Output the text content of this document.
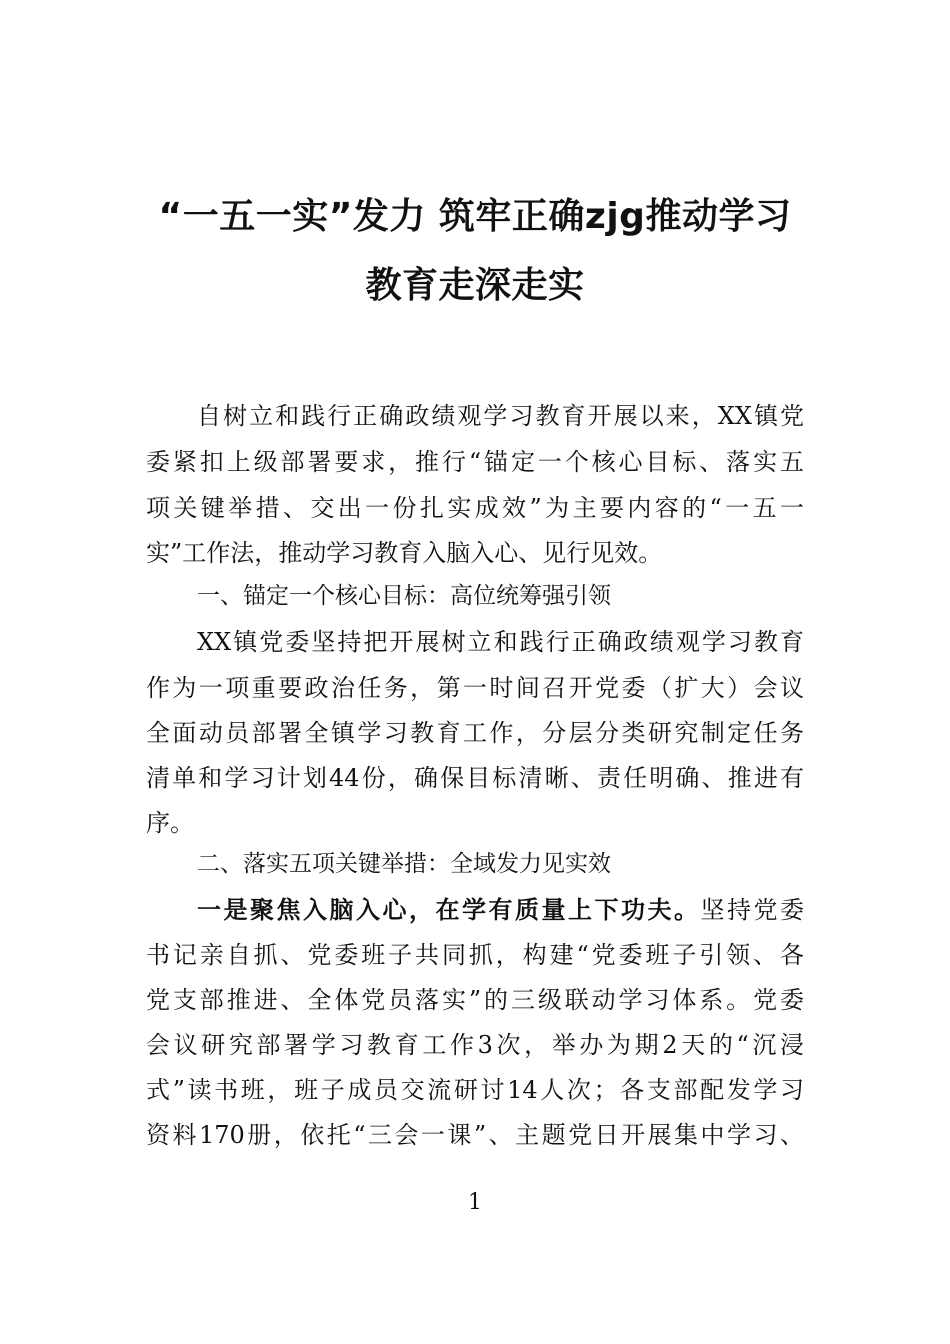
“一五一实”发力 筑牢正确zjg推动学习
教育走深走实
自树立和践行正确政绩观学习教育开展以来，XX镇党
委紧扣上级部署要求，推行“锚定一个核心目标、落实五
项关键举措、交出一份扎实成效”为主要内容的“一五一
实”工作法，推动学习教育入脑入心、见行见效。
一、锚定一个核心目标：高位统筹强引领
XX镇党委坚持把开展树立和践行正确政绩观学习教育
作为一项重要政治任务，第一时间召开党委（扩大）会议
全面动员部署全镇学习教育工作，分层分类研究制定任务
清单和学习计划44份，确保目标清晰、责任明确、推进有
序。
二、落实五项关键举措：全域发力见实效
一是聚焦入脑入心，在学有质量上下功夫。坚持党委
书记亲自抓、党委班子共同抓，构建“党委班子引领、各
党支部推进、全体党员落实”的三级联动学习体系。党委
会议研究部署学习教育工作3次，举办为期2天的“沉浸
式”读书班，班子成员交流研讨14人次；各支部配发学习
资料170册，依托“三会一课”、主题党日开展集中学习、
1
